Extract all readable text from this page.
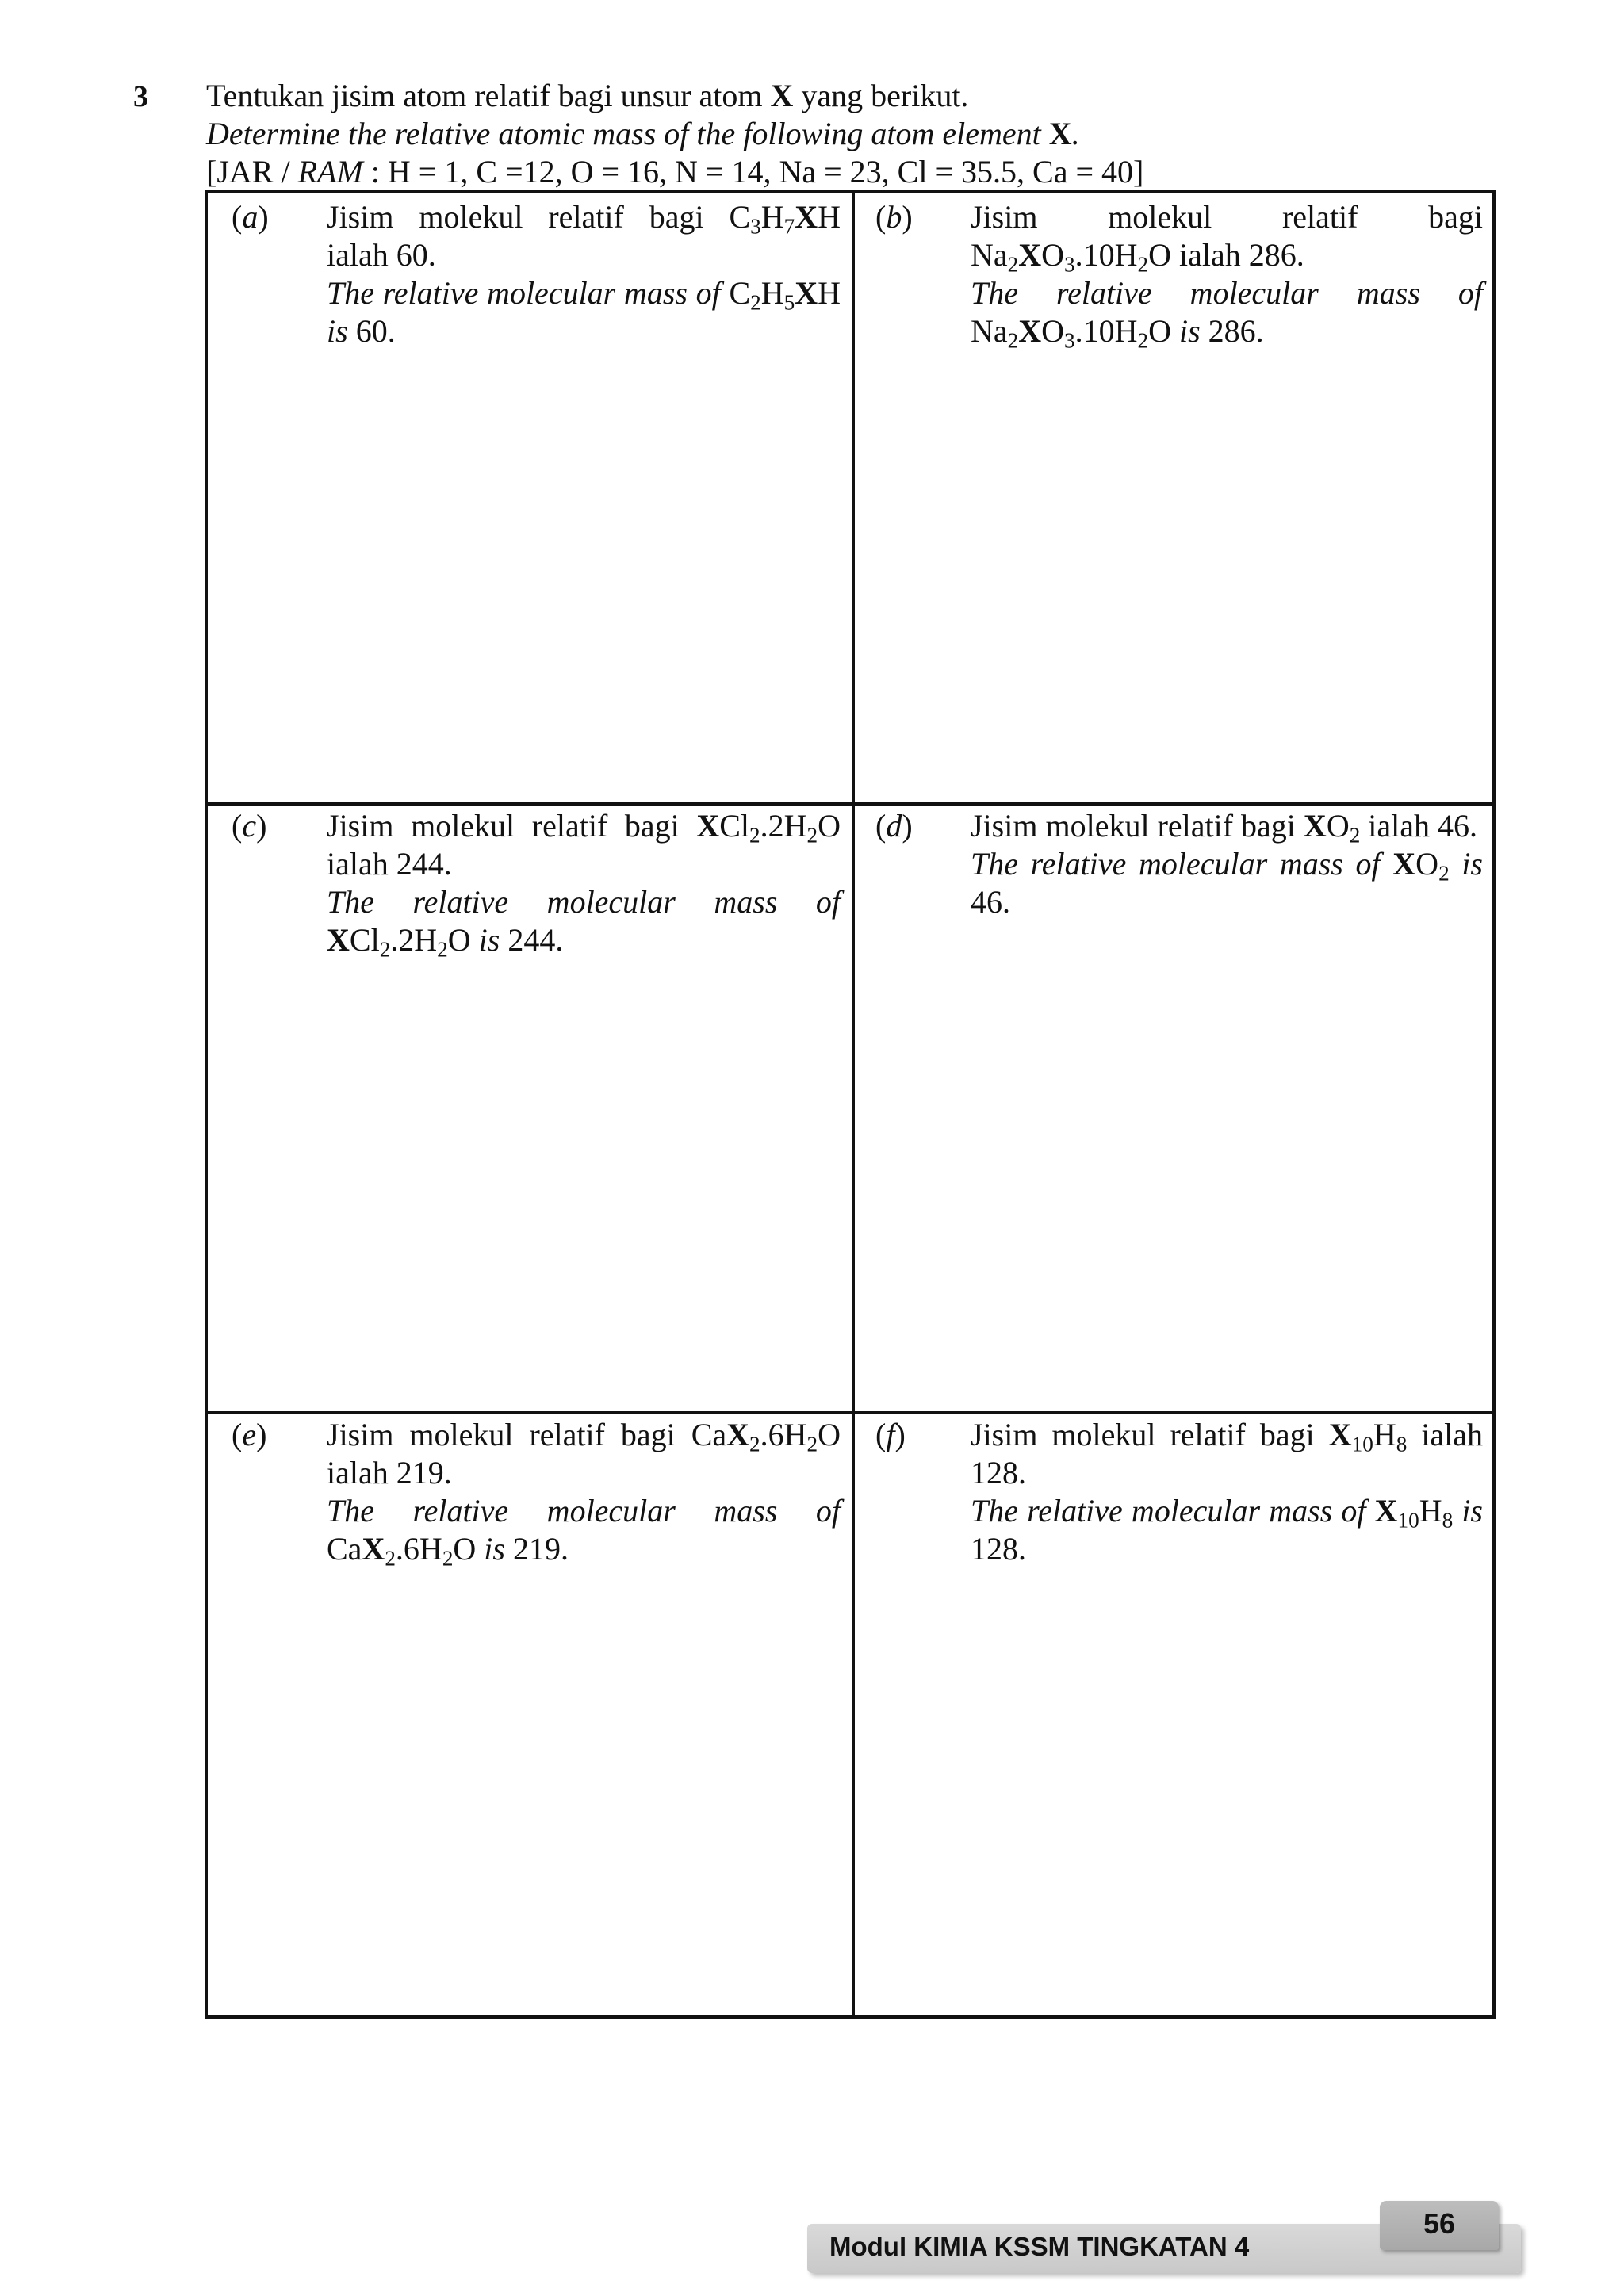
3 Tentukan jisim atom relatif bagi unsur atom X yang berikut.
Determine the relative atomic mass of the following atom element X.
[JAR / RAM : H = 1, C =12, O = 16, N = 14, Na = 23, Cl = 35.5, Ca = 40]
(a) Jisim molekul relatif bagi $C_3H_7XH$ ialah 60.

The relative molecular mass of $C_2H_5XH$ is 60.

(b) Jisim molekul relatif bagi $Na_2XO_3.10H_2O$ ialah 286.

The relative molecular mass of $Na_2XO_3.10H_2O$ is 286.

(c) Jisim molekul relatif bagi $XCl_2.2H_2O$ ialah 244.

The relative molecular mass of $XCl_2.2H_2O$ is 244.

(d) Jisim molekul relatif bagi $XO_2$ ialah 46.

The relative molecular mass of $XO_2$ is 46.

(e) Jisim molekul relatif bagi $CaX_2.6H_2O$ ialah 219.

The relative molecular mass of $CaX_2.6H_2O$ is 219.

(f) Jisim molekul relatif bagi $X_{10}H_8$ ialah 128.

The relative molecular mass of $X_{10}H_8$ is 128.

Modul KIMIA KSSM TINGKATAN 4
56
